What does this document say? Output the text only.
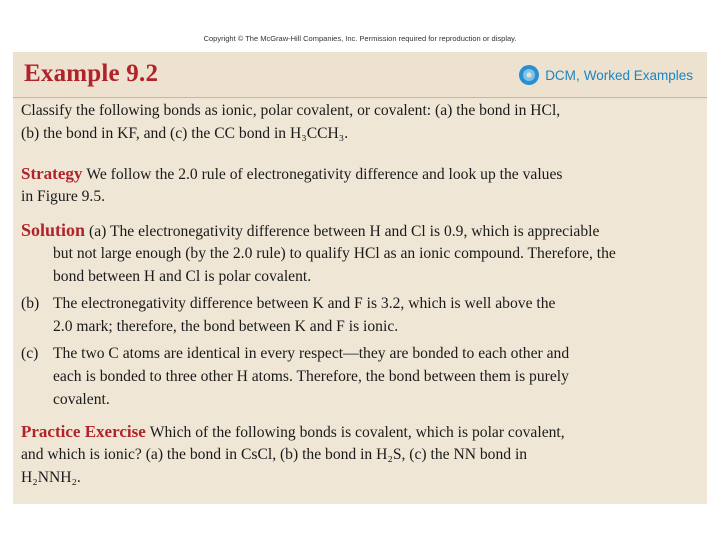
Copyright © The McGraw-Hill Companies, Inc. Permission required for reproduction or display.
Example 9.2	DCM , Worked Examples

Classify the following bonds as ionic, polar covalent, or covalent: (a) the bond in HCl,

(b) the bond in KF, and (c) the CC bond in H₃CCH₃.

Strategy We follow the 2.0 rule of electronegativity difference and look up the values

in Figure 9.5.

Solution (a) The electronegativity difference between H and Cl is 0.9, which is appreciable

but not large enough (by the 2.0 rule) to qualify HCl as an ionic compound. Therefore, the

bond between H and Cl is polar covalent.

(b) The electronegativity difference between K and F is 3.2, which is well above the

2.0 mark; therefore, the bond between K and F is ionic.

(c) The two C atoms are identical in every respect—they are bonded to each other and

each is bonded to three other H atoms. Therefore, the bond between them is purely

covalent.

Practice Exercise Which of the following bonds is covalent, which is polar covalent,

and which is ionic? (a) the bond in CsCl, (b) the bond in H₂S, (c) the NN bond in

H₂NNH₂.
